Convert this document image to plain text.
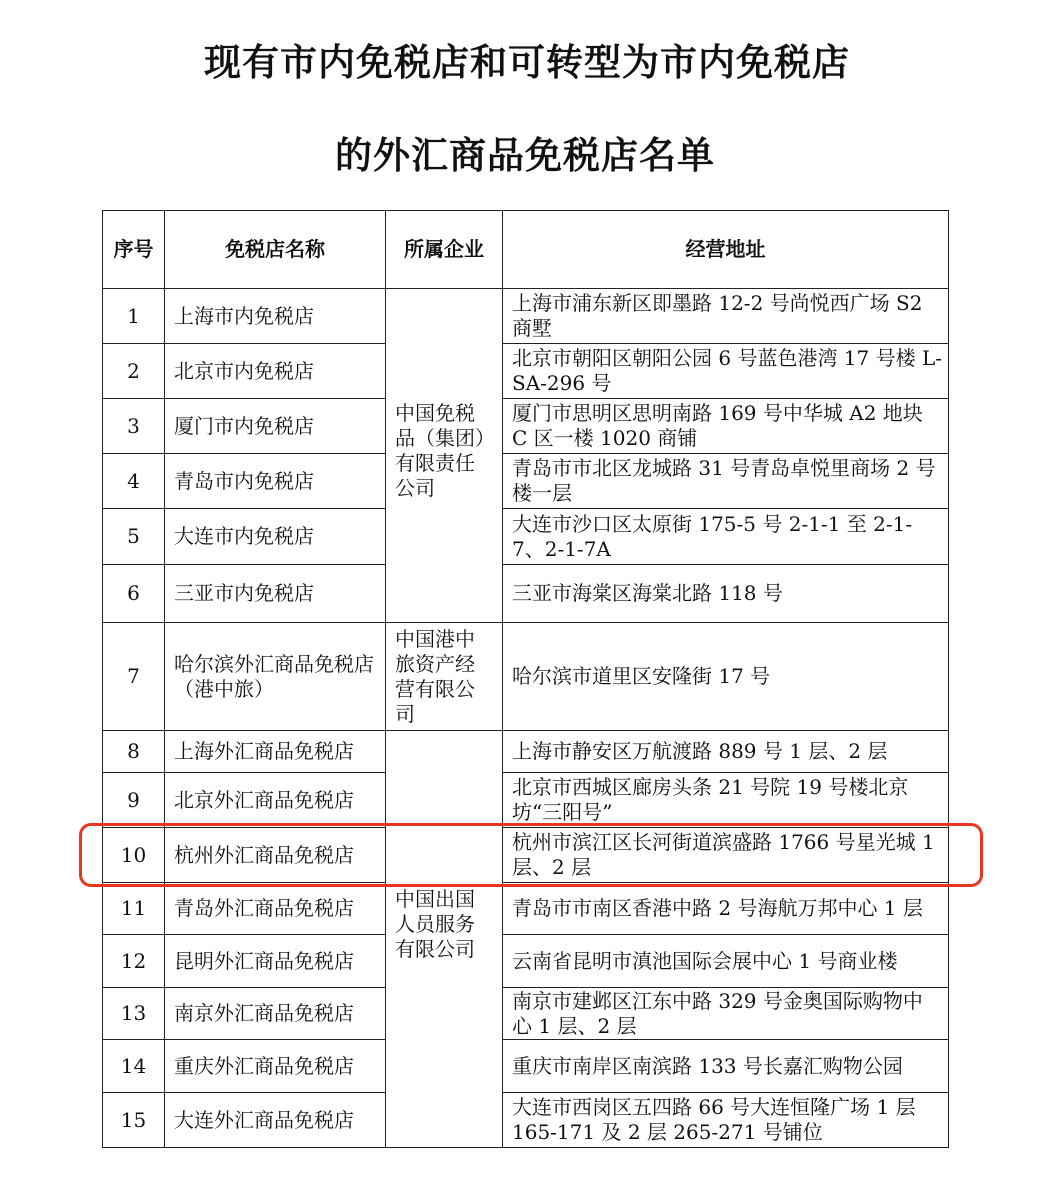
现有市内免税店和可转型为市内免税店
的外汇商品免税店名单
序号	免税店名称	所属企业	经营地址
1	上海市内免税店	中国免税品（集团）有限责任公司	上海市浦东新区即墨路 12-2 号尚悦西广场 S2 商墅
2	北京市内免税店		北京市朝阳区朝阳公园 6 号蓝色港湾 17 号楼 L-SA-296 号
3	厦门市内免税店		厦门市思明区思明南路 169 号中华城 A2 地块 C 区一楼 1020 商铺
4	青岛市内免税店		青岛市市北区龙城路 31 号青岛卓悦里商场 2 号楼一层
5	大连市内免税店		大连市沙口区太原街 175-5 号 2-1-1 至 2-1-7、2-1-7A
6	三亚市内免税店		三亚市海棠区海棠北路 118 号
7	哈尔滨外汇商品免税店（港中旅）	中国港中旅资产经营有限公司	哈尔滨市道里区安隆街 17 号
8	上海外汇商品免税店	中国出国人员服务有限公司	上海市静安区万航渡路 889 号 1 层、2 层
9	北京外汇商品免税店		北京市西城区廊房头条 21 号院 19 号楼北京坊“三阳号”
10	杭州外汇商品免税店		杭州市滨江区长河街道滨盛路 1766 号星光城 1 层、2 层
11	青岛外汇商品免税店		青岛市市南区香港中路 2 号海航万邦中心 1 层
12	昆明外汇商品免税店		云南省昆明市滇池国际会展中心 1 号商业楼
13	南京外汇商品免税店		南京市建邺区江东中路 329 号金奥国际购物中心 1 层、2 层
14	重庆外汇商品免税店		重庆市南岸区南滨路 133 号长嘉汇购物公园
15	大连外汇商品免税店		大连市西岗区五四路 66 号大连恒隆广场 1 层 165-171 及 2 层 265-271 号铺位
